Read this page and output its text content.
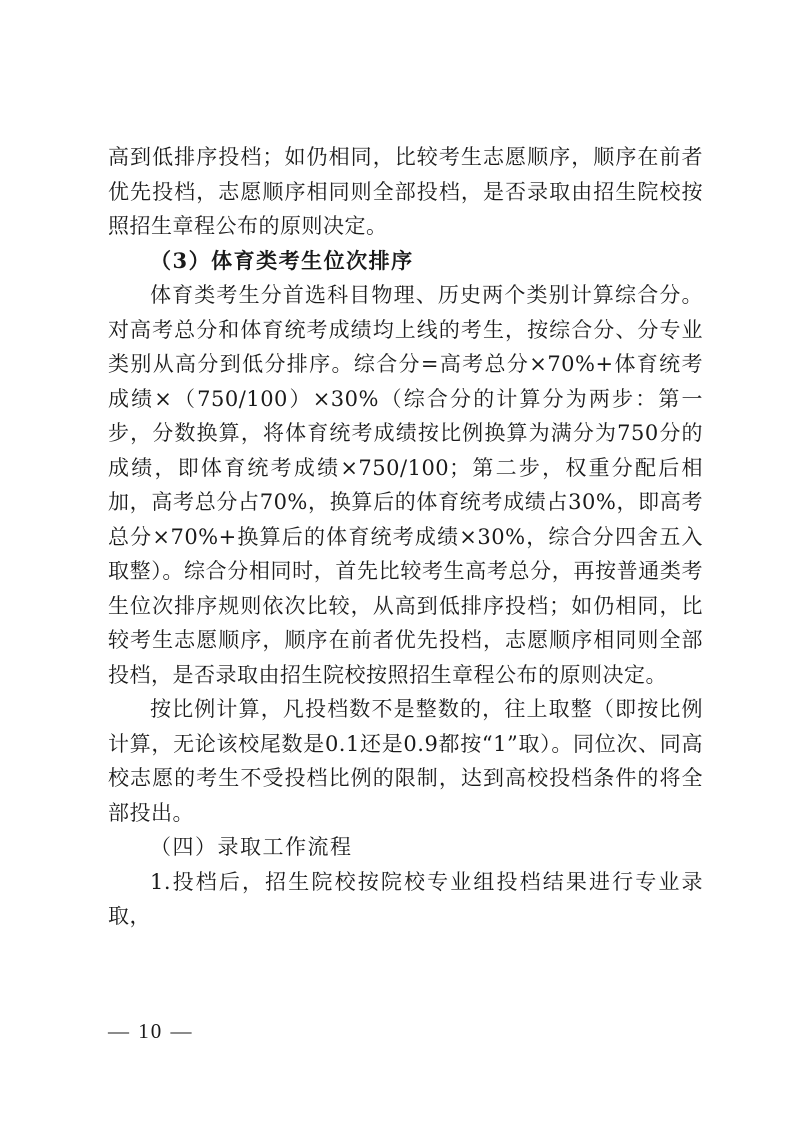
高到低排序投档；如仍相同，比较考生志愿顺序，顺序在前者优先投档，志愿顺序相同则全部投档，是否录取由招生院校按照招生章程公布的原则决定。

（3）体育类考生位次排序

体育类考生分首选科目物理、历史两个类别计算综合分。对高考总分和体育统考成绩均上线的考生，按综合分、分专业类别从高分到低分排序。综合分=高考总分×70%+体育统考成绩×（750/100）×30%（综合分的计算分为两步：第一步，分数换算，将体育统考成绩按比例换算为满分为750分的成绩，即体育统考成绩×750/100；第二步，权重分配后相加，高考总分占70%，换算后的体育统考成绩占30%，即高考总分×70%+换算后的体育统考成绩×30%，综合分四舍五入取整）。综合分相同时，首先比较考生高考总分，再按普通类考生位次排序规则依次比较，从高到低排序投档；如仍相同，比较考生志愿顺序，顺序在前者优先投档，志愿顺序相同则全部投档，是否录取由招生院校按照招生章程公布的原则决定。

按比例计算，凡投档数不是整数的，往上取整（即按比例计算，无论该校尾数是0.1还是0.9都按“1”取）。同位次、同高校志愿的考生不受投档比例的限制，达到高校投档条件的将全部投出。

（四）录取工作流程

1.投档后，招生院校按院校专业组投档结果进行专业录取，

— 10 —
